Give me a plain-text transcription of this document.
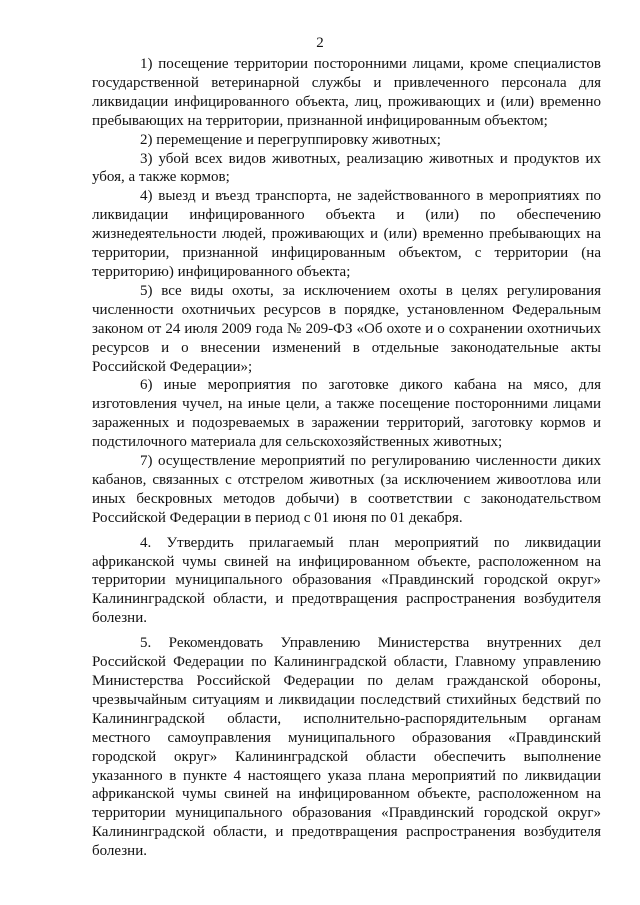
2

1) посещение территории посторонними лицами, кроме специалистов государственной ветеринарной службы и привлеченного персонала для ликвидации инфицированного объекта, лиц, проживающих и (или) временно пребывающих на территории, признанной инфицированным объектом;

2) перемещение и перегруппировку животных;

3) убой всех видов животных, реализацию животных и продуктов их убоя, а также кормов;

4) выезд и въезд транспорта, не задействованного в мероприятиях по ликвидации инфицированного объекта и (или) по обеспечению жизнедеятельности людей, проживающих и (или) временно пребывающих на территории, признанной инфицированным объектом, с территории (на территорию) инфицированного объекта;

5) все виды охоты, за исключением охоты в целях регулирования численности охотничьих ресурсов в порядке, установленном Федеральным законом от 24 июля 2009 года № 209-ФЗ «Об охоте и о сохранении охотничьих ресурсов и о внесении изменений в отдельные законодательные акты Российской Федерации»;

6) иные мероприятия по заготовке дикого кабана на мясо, для изготовления чучел, на иные цели, а также посещение посторонними лицами зараженных и подозреваемых в заражении территорий, заготовку кормов и подстилочного материала для сельскохозяйственных животных;

7) осуществление мероприятий по регулированию численности диких кабанов, связанных с отстрелом животных (за исключением живоотлова или иных бескровных методов добычи) в соответствии с законодательством Российской Федерации в период с 01 июня по 01 декабря.

4. Утвердить прилагаемый план мероприятий по ликвидации африканской чумы свиней на инфицированном объекте, расположенном на территории муниципального образования «Правдинский городской округ» Калининградской области, и предотвращения распространения возбудителя болезни.

5. Рекомендовать Управлению Министерства внутренних дел Российской Федерации по Калининградской области, Главному управлению Министерства Российской Федерации по делам гражданской обороны, чрезвычайным ситуациям и ликвидации последствий стихийных бедствий по Калининградской области, исполнительно-распорядительным органам местного самоуправления муниципального образования «Правдинский городской округ» Калининградской области обеспечить выполнение указанного в пункте 4 настоящего указа плана мероприятий по ликвидации африканской чумы свиней на инфицированном объекте, расположенном на территории муниципального образования «Правдинский городской округ» Калининградской области, и предотвращения распространения возбудителя болезни.
